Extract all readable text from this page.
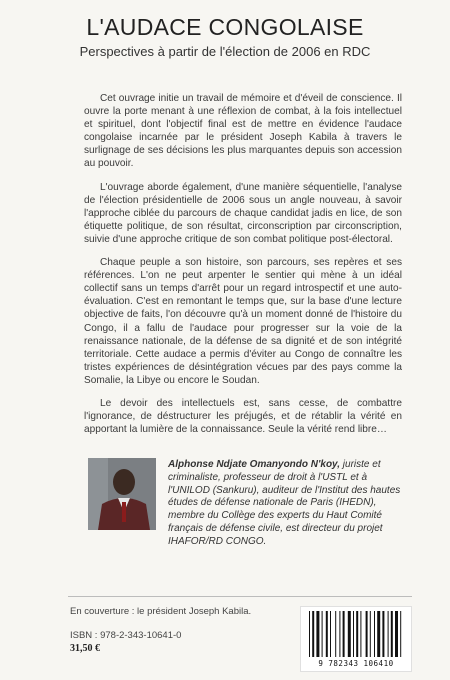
L'AUDACE CONGOLAISE
Perspectives à partir de l'élection de 2006 en RDC

Cet ouvrage initie un travail de mémoire et d'éveil de conscience. Il ouvre la porte menant à une réflexion de combat, à la fois intellectuel et spirituel, dont l'objectif final est de mettre en évidence l'audace congolaise incarnée par le président Joseph Kabila à travers le surlignage de ses décisions les plus marquantes depuis son accession au pouvoir.

L'ouvrage aborde également, d'une manière séquentielle, l'analyse de l'élection présidentielle de 2006 sous un angle nouveau, à savoir l'approche ciblée du parcours de chaque candidat jadis en lice, de son étiquette politique, de son résultat, circonscription par circonscription, suivie d'une approche critique de son combat politique post-électoral.

Chaque peuple a son histoire, son parcours, ses repères et ses références. L'on ne peut arpenter le sentier qui mène à un idéal collectif sans un temps d'arrêt pour un regard introspectif et une auto-évaluation. C'est en remontant le temps que, sur la base d'une lecture objective de faits, l'on découvre qu'à un moment donné de l'histoire du Congo, il a fallu de l'audace pour progresser sur la voie de la renaissance nationale, de la défense de sa dignité et de son intégrité territoriale. Cette audace a permis d'éviter au Congo de connaître les tristes expériences de désintégration vécues par des pays comme la Somalie, la Libye ou encore le Soudan.

Le devoir des intellectuels est, sans cesse, de combattre l'ignorance, de déstructurer les préjugés, et de rétablir la vérité en apportant la lumière de la connaissance. Seule la vérité rend libre…

Alphonse Ndjate Omanyondo N'koy, juriste et criminaliste, professeur de droit à l'USTL et à l'UNILOD (Sankuru), auditeur de l'Institut des hautes études de défense nationale de Paris (IHEDN), membre du Collège des experts du Haut Comité français de défense civile, est directeur du projet IHAFOR/RD CONGO.
En couverture : le président Joseph Kabila.
ISBN : 978-2-343-10641-0
31,50 €
9 782343 106410
